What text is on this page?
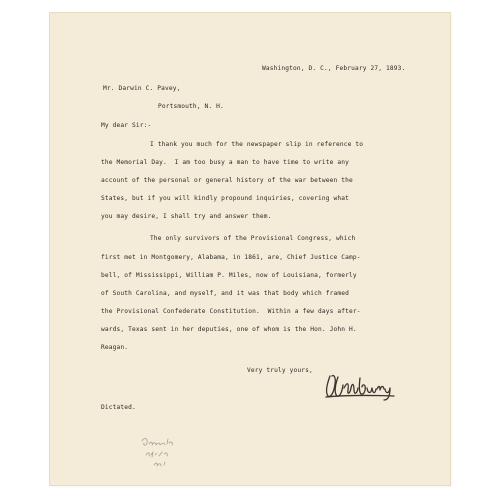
Washington, D. C., February 27, 1893.
Mr. Darwin C. Pavey,
Portsmouth, N. H.
My dear Sir:-
I thank you much for the newspaper slip in reference to
the Memorial Day.  I am too busy a man to have time to write any
account of the personal or general history of the war between the
States, but if you will kindly propound inquiries, covering what
you may desire, I shall try and answer them.
The only survivors of the Provisional Congress, which
first met in Montgomery, Alabama, in 1861, are, Chief Justice Camp-
bell, of Mississippi, William P. Miles, now of Louisiana, formerly
of South Carolina, and myself, and it was that body which framed
the Provisional Confederate Constitution.  Within a few days after-
wards, Texas sent in her deputies, one of whom is the Hon. John H.
Reagan.
Very truly yours,
Dictated.
